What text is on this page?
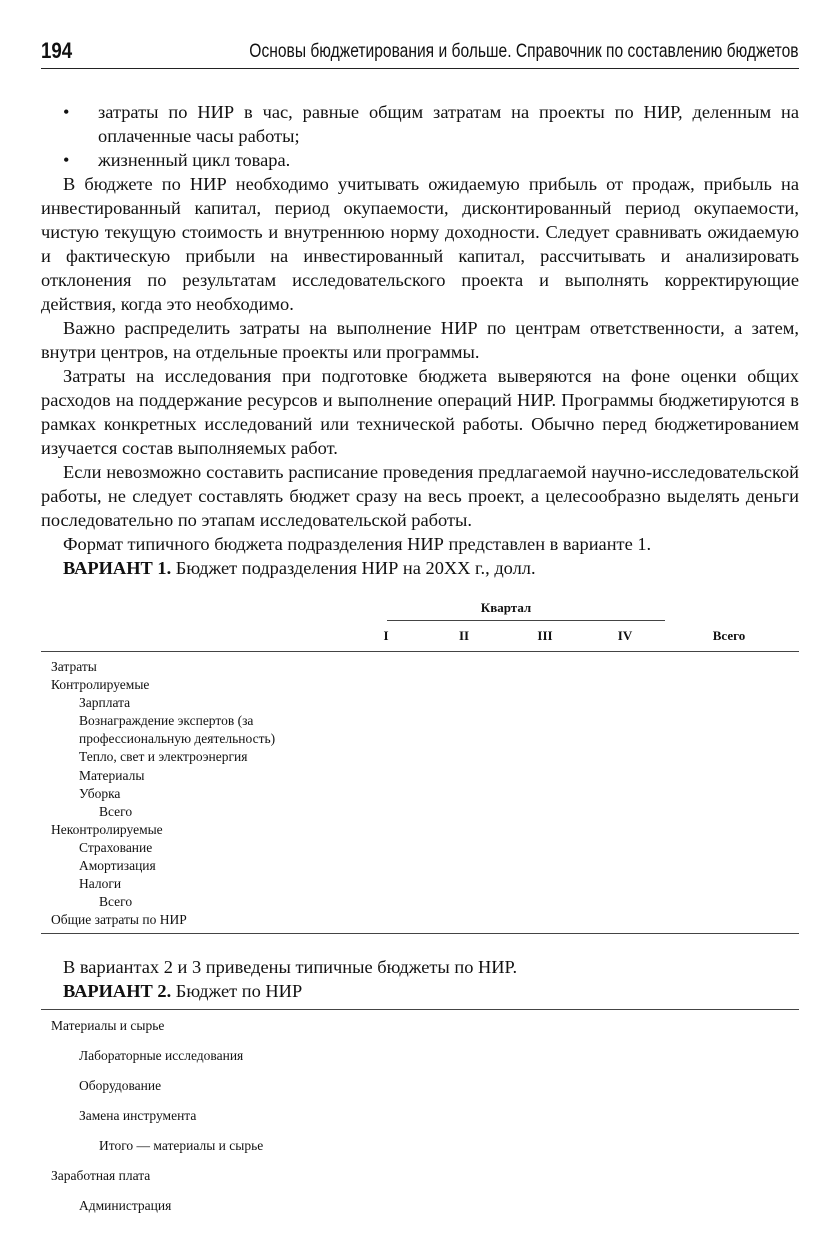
194	Основы бюджетирования и больше. Справочник по составлению бюджетов

• затраты по НИР в час, равные общим затратам на проекты по НИР, деленным на оплаченные часы работы;

• жизненный цикл товара.

В бюджете по НИР необходимо учитывать ожидаемую прибыль от продаж, прибыль на инвестированный капитал, период окупаемости, дисконтированный период окупаемости, чистую текущую стоимость и внутреннюю норму доходности. Следует сравнивать ожидаемую и фактическую прибыли на инвестированный капитал, рассчитывать и анализировать отклонения по результатам исследовательского проекта и выполнять корректирующие действия, когда это необходимо.

Важно распределить затраты на выполнение НИР по центрам ответственности, а затем, внутри центров, на отдельные проекты или программы.

Затраты на исследования при подготовке бюджета выверяются на фоне оценки общих расходов на поддержание ресурсов и выполнение операций НИР. Программы бюджетируются в рамках конкретных исследований или технической работы. Обычно перед бюджетированием изучается состав выполняемых работ.

Если невозможно составить расписание проведения предлагаемой научно-исследовательской работы, не следует составлять бюджет сразу на весь проект, а целесообразно выделять деньги последовательно по этапам исследовательской работы.

Формат типичного бюджета подразделения НИР представлен в варианте 1.

ВАРИАНТ 1. Бюджет подразделения НИР на 20ХХ г., долл.

Квартал
I	II	III	IV	Всего
Затраты
Контролируемые
Зарплата
Вознаграждение экспертов (за
профессиональную деятельность)
Тепло, свет и электроэнергия
Материалы
Уборка
Всего
Неконтролируемые
Страхование
Амортизация
Налоги
Всего
Общие затраты по НИР

В вариантах 2 и 3 приведены типичные бюджеты по НИР.

ВАРИАНТ 2. Бюджет по НИР

Материалы и сырье
Лабораторные исследования
Оборудование
Замена инструмента
Итого — материалы и сырье
Заработная плата
Администрация
